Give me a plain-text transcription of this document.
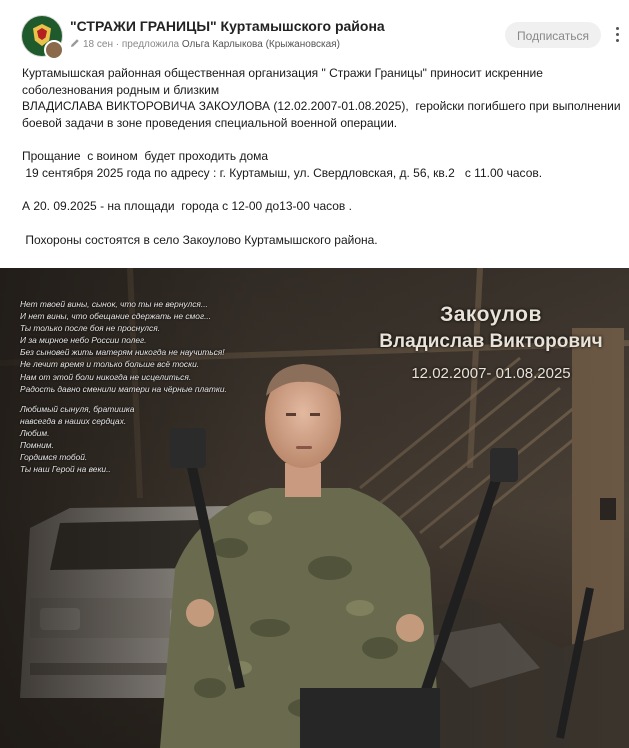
"СТРАЖИ ГРАНИЦЫ" Куртамышского района
18 сен · предложила Ольга Карлыкова (Крыжановская)
Подписаться

Куртамышская районная общественная организация " Стражи Границы" приносит искренние соболезнования родным и близким

ВЛАДИСЛАВА ВИКТОРОВИЧА ЗАКОУЛОВА (12.02.2007-01.08.2025),  геройски погибшего при выполнении боевой задачи в зоне проведения специальной военной операции.

Прощание  с воином  будет проходить дома

19 сентября 2025 года по адресу : г. Куртамыш, ул. Свердловская, д. 56, кв.2   с 11.00 часов.

А 20. 09.2025 - на площади  города с 12-00 до13-00 часов .

Похороны состоятся в село Закоулово Куртамышского района.

Нет твоей вины, сынок, что ты не вернулся...

И нет вины, что обещание сдержать не смог...

Ты только после боя не проснулся.

И за мирное небо России полег.

Без сыновей жить матерям никогда не научиться!

Не лечит время и только больше всё тоски.

Нам от этой боли никогда не исцелиться.

Радость давно сменили матери на чёрные платки.

Любимый сынуля, братишка

навсегда в наших сердцах.

Любим.

Помним.

Гордимся тобой.

Ты наш Герой на веки..

Закоулов
Владислав Викторович
12.02.2007- 01.08.2025
